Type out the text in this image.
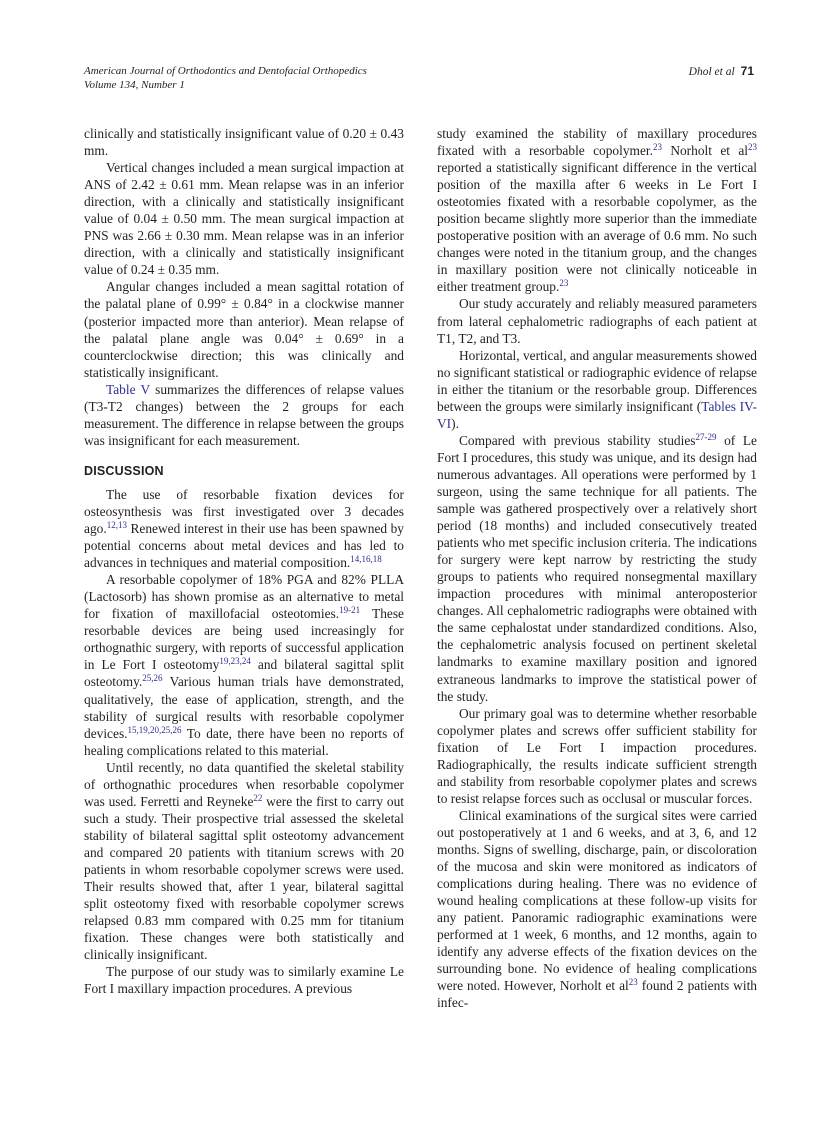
American Journal of Orthodontics and Dentofacial Orthopedics
Volume 134, Number 1
Dhol et al 71

clinically and statistically insignificant value of 0.20 ± 0.43 mm.

Vertical changes included a mean surgical impaction at ANS of 2.42 ± 0.61 mm. Mean relapse was in an inferior direction, with a clinically and statistically insignificant value of 0.04 ± 0.50 mm. The mean surgical impaction at PNS was 2.66 ± 0.30 mm. Mean relapse was in an inferior direction, with a clinically and statistically insignificant value of 0.24 ± 0.35 mm.

Angular changes included a mean sagittal rotation of the palatal plane of 0.99° ± 0.84° in a clockwise manner (posterior impacted more than anterior). Mean relapse of the palatal plane angle was 0.04° ± 0.69° in a counterclockwise direction; this was clinically and statistically insignificant.

Table V summarizes the differences of relapse values (T3-T2 changes) between the 2 groups for each measurement. The difference in relapse between the groups was insignificant for each measurement.

DISCUSSION

The use of resorbable fixation devices for osteosynthesis was first investigated over 3 decades ago.$^{12,13}$ Renewed interest in their use has been spawned by potential concerns about metal devices and has led to advances in techniques and material composition.$^{14,16,18}$

A resorbable copolymer of 18% PGA and 82% PLLA (Lactosorb) has shown promise as an alternative to metal for fixation of maxillofacial osteotomies.$^{19-21}$ These resorbable devices are being used increasingly for orthognathic surgery, with reports of successful application in Le Fort I osteotomy$^{19,23,24}$ and bilateral sagittal split osteotomy.$^{25,26}$ Various human trials have demonstrated, qualitatively, the ease of application, strength, and the stability of surgical results with resorbable copolymer devices.$^{15,19,20,25,26}$ To date, there have been no reports of healing complications related to this material.

Until recently, no data quantified the skeletal stability of orthognathic procedures when resorbable copolymer was used. Ferretti and Reyneke$^{22}$ were the first to carry out such a study. Their prospective trial assessed the skeletal stability of bilateral sagittal split osteotomy advancement and compared 20 patients with titanium screws with 20 patients in whom resorbable copolymer screws were used. Their results showed that, after 1 year, bilateral sagittal split osteotomy fixed with resorbable copolymer screws relapsed 0.83 mm compared with 0.25 mm for titanium fixation. These changes were both statistically and clinically insignificant.

The purpose of our study was to similarly examine Le Fort I maxillary impaction procedures. A previous

study examined the stability of maxillary procedures fixated with a resorbable copolymer.$^{23}$ Norholt et $al^{23}$ reported a statistically significant difference in the vertical position of the maxilla after 6 weeks in Le Fort I osteotomies fixated with a resorbable copolymer, as the position became slightly more superior than the immediate postoperative position with an average of 0.6 mm. No such changes were noted in the titanium group, and the changes in maxillary position were not clinically noticeable in either treatment group.$^{23}$

Our study accurately and reliably measured parameters from lateral cephalometric radiographs of each patient at T1, T2, and T3.

Horizontal, vertical, and angular measurements showed no significant statistical or radiographic evidence of relapse in either the titanium or the resorbable group. Differences between the groups were similarly insignificant (Tables IV-VI).

Compared with previous stability studies$^{27-29}$ of Le Fort I procedures, this study was unique, and its design had numerous advantages. All operations were performed by 1 surgeon, using the same technique for all patients. The sample was gathered prospectively over a relatively short period (18 months) and included consecutively treated patients who met specific inclusion criteria. The indications for surgery were kept narrow by restricting the study groups to patients who required nonsegmental maxillary impaction procedures with minimal anteroposterior changes. All cephalometric radiographs were obtained with the same cephalostat under standardized conditions. Also, the cephalometric analysis focused on pertinent skeletal landmarks to examine maxillary position and ignored extraneous landmarks to improve the statistical power of the study.

Our primary goal was to determine whether resorbable copolymer plates and screws offer sufficient stability for fixation of Le Fort I impaction procedures. Radiographically, the results indicate sufficient strength and stability from resorbable copolymer plates and screws to resist relapse forces such as occlusal or muscular forces.

Clinical examinations of the surgical sites were carried out postoperatively at 1 and 6 weeks, and at 3, 6, and 12 months. Signs of swelling, discharge, pain, or discoloration of the mucosa and skin were monitored as indicators of complications during healing. There was no evidence of wound healing complications at these follow-up visits for any patient. Panoramic radiographic examinations were performed at 1 week, 6 months, and 12 months, again to identify any adverse effects of the fixation devices on the surrounding bone. No evidence of healing complications were noted. However, Norholt et $al^{23}$ found 2 patients with infec-
